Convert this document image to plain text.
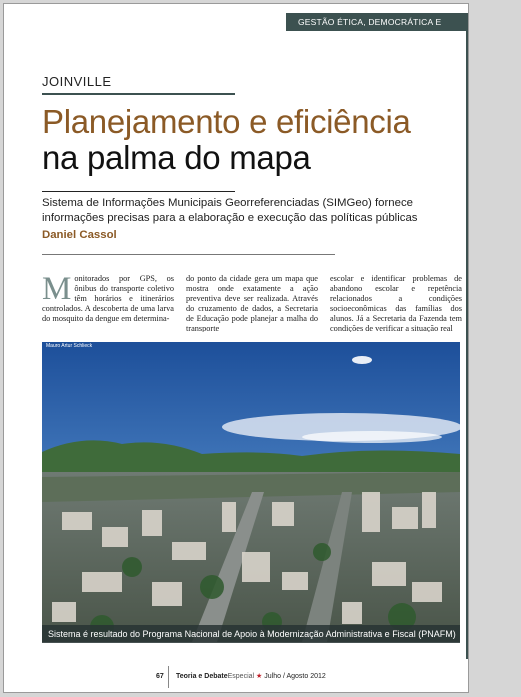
GESTÃO ÉTICA, DEMOCRÁTICA E EFICIENTE
JOINVILLE
Planejamento e eficiência
na palma do mapa
Sistema de Informações Municipais Georreferenciadas (SIMGeo) fornece informações precisas para a elaboração e execução das políticas públicas
Daniel Cassol
M onitorados por GPS, os ônibus do transporte coletivo têm horários e itinerários controlados. A descoberta de uma larva do mosquito da dengue em determina-
do ponto da cidade gera um mapa que mostra onde exatamente a ação preventiva deve ser realizada. Através do cruzamento de dados, a Secretaria de Educação pode planejar a malha do transporte
escolar e identificar problemas de abandono escolar e repetência relacionados a condições socioeconômicas das famílias dos alunos. Já a Secretaria da Fazenda tem condições de verificar a situação real
Mauro Artur Schlieck
Sistema é resultado do Programa Nacional de Apoio à Modernização Administrativa e Fiscal (PNAFM)
67 Teoria e DebateEspecial ★ Julho / Agosto 2012
